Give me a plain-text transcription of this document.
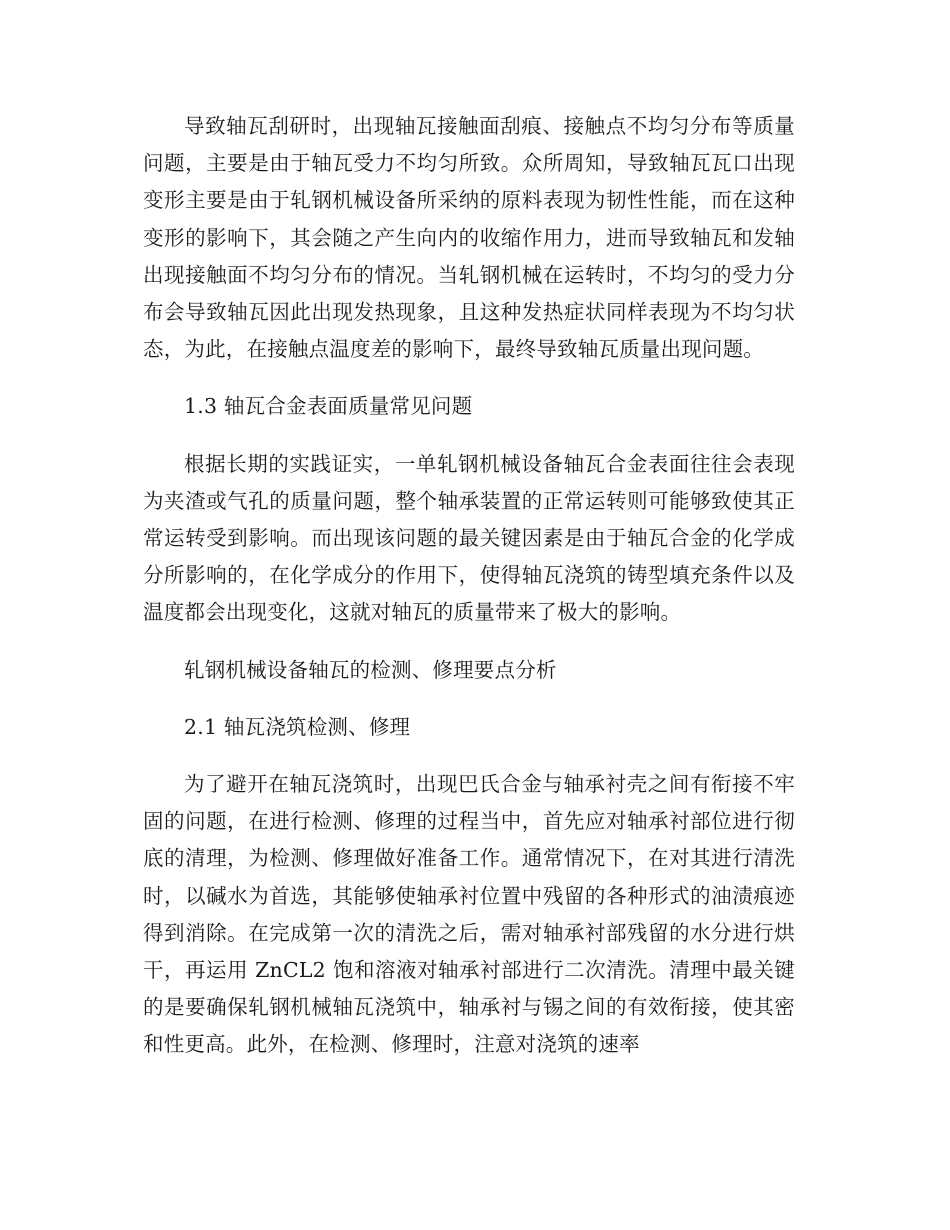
导致轴瓦刮研时，出现轴瓦接触面刮痕、接触点不均匀分布等质量问题，主要是由于轴瓦受力不均匀所致。众所周知，导致轴瓦瓦口出现变形主要是由于轧钢机械设备所采纳的原料表现为韧性性能，而在这种变形的影响下，其会随之产生向内的收缩作用力，进而导致轴瓦和发轴出现接触面不均匀分布的情况。当轧钢机械在运转时，不均匀的受力分布会导致轴瓦因此出现发热现象，且这种发热症状同样表现为不均匀状态，为此，在接触点温度差的影响下，最终导致轴瓦质量出现问题。

1.3 轴瓦合金表面质量常见问题

根据长期的实践证实，一单轧钢机械设备轴瓦合金表面往往会表现为夹渣或气孔的质量问题，整个轴承装置的正常运转则可能够致使其正常运转受到影响。而出现该问题的最关键因素是由于轴瓦合金的化学成分所影响的，在化学成分的作用下，使得轴瓦浇筑的铸型填充条件以及温度都会出现变化，这就对轴瓦的质量带来了极大的影响。

轧钢机械设备轴瓦的检测、修理要点分析

2.1 轴瓦浇筑检测、修理

为了避开在轴瓦浇筑时，出现巴氏合金与轴承衬壳之间有衔接不牢固的问题，在进行检测、修理的过程当中，首先应对轴承衬部位进行彻底的清理，为检测、修理做好准备工作。通常情况下，在对其进行清洗时，以碱水为首选，其能够使轴承衬位置中残留的各种形式的油渍痕迹得到消除。在完成第一次的清洗之后，需对轴承衬部残留的水分进行烘干，再运用 ZnCL2 饱和溶液对轴承衬部进行二次清洗。清理中最关键的是要确保轧钢机械轴瓦浇筑中，轴承衬与锡之间的有效衔接，使其密和性更高。此外，在检测、修理时，注意对浇筑的速率
